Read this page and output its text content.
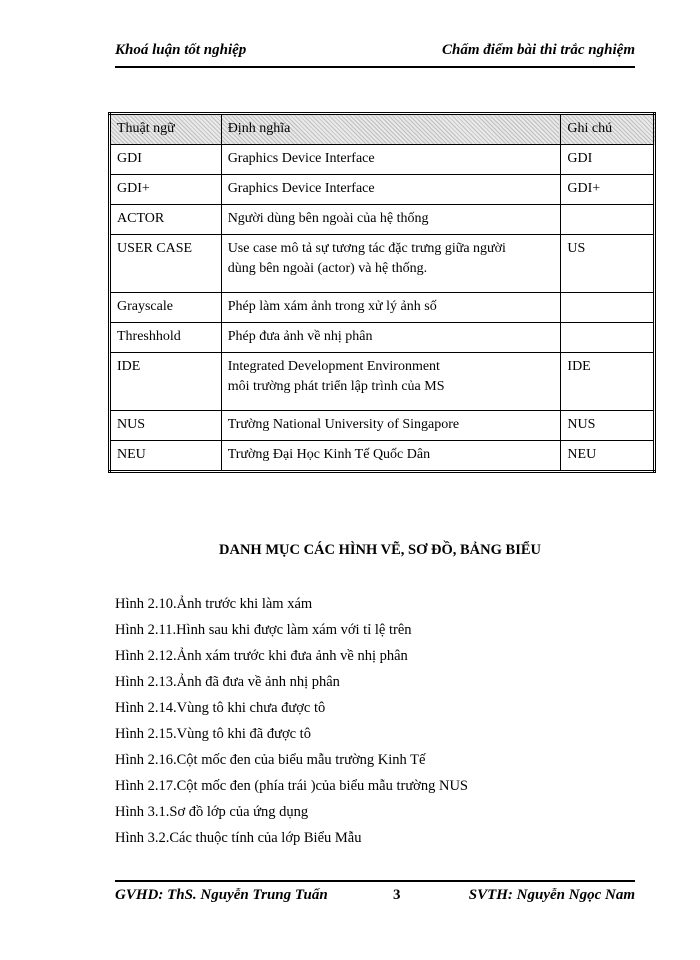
Khoá luận tốt nghiệp	Chấm điểm bài thi trắc nghiệm
Thuật ngữ	Định nghĩa	Ghi chú
GDI	Graphics Device Interface	GDI
GDI+	Graphics Device Interface	GDI+
ACTOR	Người dùng bên ngoài của hệ thống	

USER CASE	Use case mô tả sự tương tác đặc trưng giữa người
dùng bên ngoài (actor) và hệ thống.	US
Grayscale	Phép làm xám ảnh trong xử lý ảnh số	

Threshhold	Phép đưa ảnh về nhị phân	

IDE	Integrated Development Environment
môi trường phát triển lập trình của MS	IDE
NUS	Trường National University of Singapore	NUS
NEU	Trường Đại Học Kinh Tế Quốc Dân	NEU
DANH MỤC CÁC HÌNH VẼ, SƠ ĐỒ, BẢNG BIỂU
Hình 2.10.Ảnh trước khi làm xám
Hình 2.11.Hình sau khi được làm xám với tỉ lệ trên
Hình 2.12.Ảnh xám trước khi đưa ảnh về nhị phân
Hình 2.13.Ảnh đã đưa về ảnh nhị phân
Hình 2.14.Vùng tô khi chưa được tô
Hình 2.15.Vùng tô khi đã được tô
Hình 2.16.Cột mốc đen của biểu mẫu trường Kinh Tế
Hình 2.17.Cột mốc đen (phía trái )của biểu mẫu trường NUS
Hình 3.1.Sơ đồ lớp của ứng dụng
Hình 3.2.Các thuộc tính của lớp Biểu Mẫu
GVHD: ThS. Nguyễn Trung Tuấn	3	SVTH: Nguyễn Ngọc Nam
